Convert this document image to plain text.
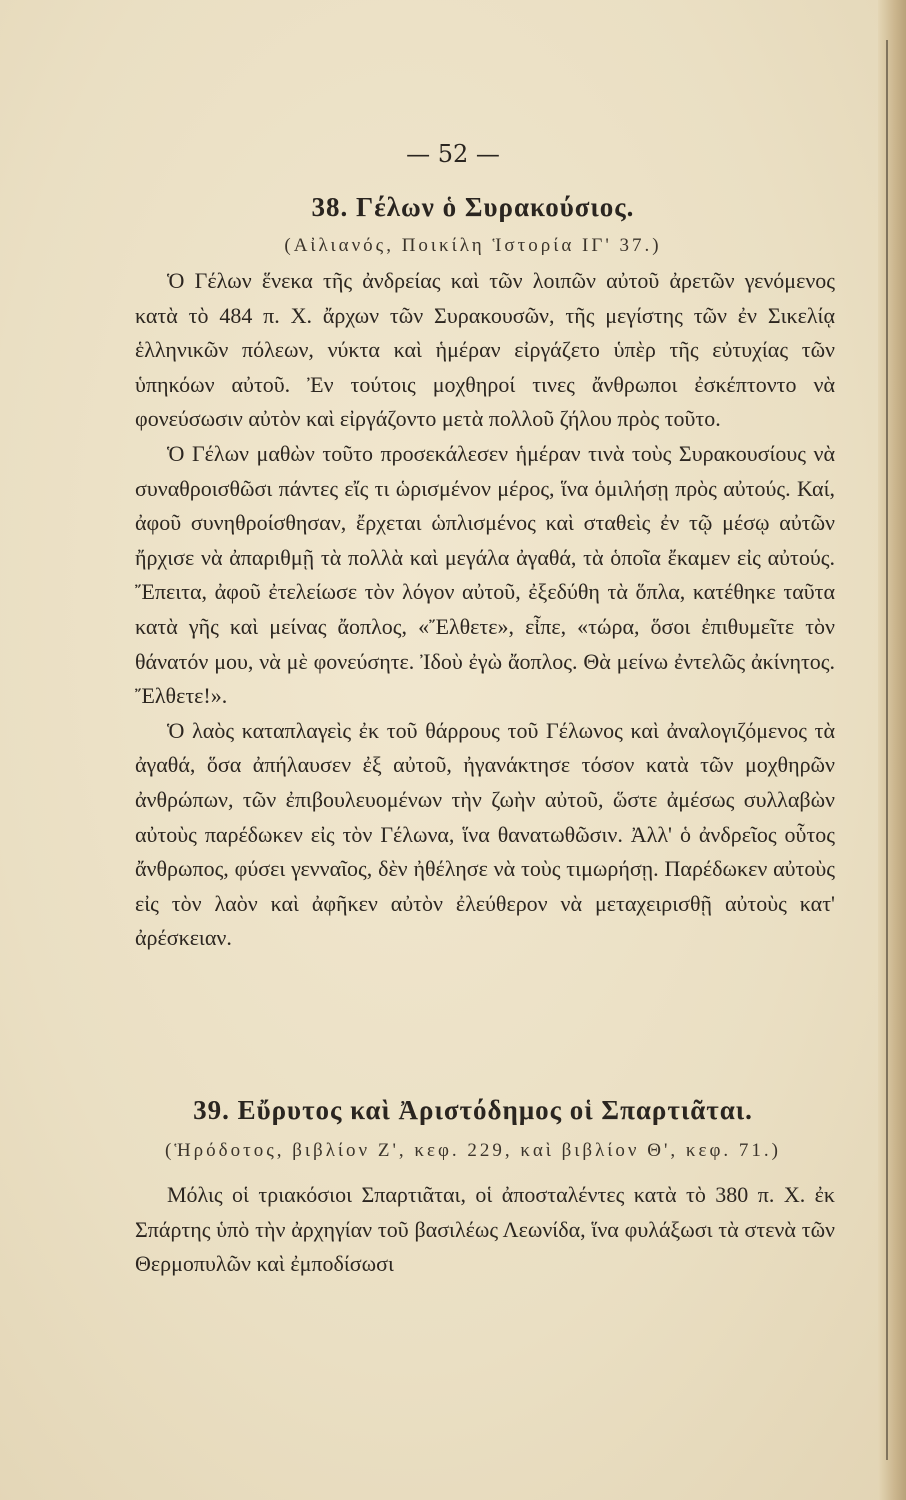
— 52 —
38. Γέλων ὁ Συρακούσιος.
(Αἰλιανός, Ποικίλη Ἱστορία ΙΓ' 37.)

Ὁ Γέλων ἕνεκα τῆς ἀνδρείας καὶ τῶν λοιπῶν αὐτοῦ ἀρετῶν γενόμενος κατὰ τὸ 484 π. Χ. ἄρχων τῶν Συρακουσῶν, τῆς μεγίστης τῶν ἐν Σικελίᾳ ἑλληνικῶν πόλεων, νύκτα καὶ ἡμέραν εἰργάζετο ὑπὲρ τῆς εὐτυχίας τῶν ὑπηκόων αὐτοῦ. Ἐν τούτοις μοχθηροί τινες ἄνθρωποι ἐσκέπτοντο νὰ φονεύσωσιν αὐτὸν καὶ εἰργάζοντο μετὰ πολλοῦ ζήλου πρὸς τοῦτο.

Ὁ Γέλων μαθὼν τοῦτο προσεκάλεσεν ἡμέραν τινὰ τοὺς Συρακουσίους νὰ συναθροισθῶσι πάντες εἴς τι ὡρισμένον μέρος, ἵνα ὁμιλήσῃ πρὸς αὐτούς. Καί, ἀφοῦ συνηθροίσθησαν, ἔρχεται ὡπλισμένος καὶ σταθεὶς ἐν τῷ μέσῳ αὐτῶν ἤρχισε νὰ ἀπαριθμῇ τὰ πολλὰ καὶ μεγάλα ἀγαθά, τὰ ὁποῖα ἔκαμεν εἰς αὐτούς. Ἔπειτα, ἀφοῦ ἐτελείωσε τὸν λόγον αὐτοῦ, ἐξεδύθη τὰ ὅπλα, κατέθηκε ταῦτα κατὰ γῆς καὶ μείνας ἄοπλος, «Ἔλθετε», εἶπε, «τώρα, ὅσοι ἐπιθυμεῖτε τὸν θάνατόν μου, νὰ μὲ φονεύσητε. Ἰδοὺ ἐγὼ ἄοπλος. Θὰ μείνω ἐντελῶς ἀκίνητος. Ἔλθετε!».

Ὁ λαὸς καταπλαγεὶς ἐκ τοῦ θάρρους τοῦ Γέλωνος καὶ ἀναλογιζόμενος τὰ ἀγαθά, ὅσα ἀπήλαυσεν ἐξ αὐτοῦ, ἠγανάκτησε τόσον κατὰ τῶν μοχθηρῶν ἀνθρώπων, τῶν ἐπιβουλευομένων τὴν ζωὴν αὐτοῦ, ὥστε ἀμέσως συλλαβὼν αὐτοὺς παρέδωκεν εἰς τὸν Γέλωνα, ἵνα θανατωθῶσιν. Ἀλλ' ὁ ἀνδρεῖος οὗτος ἄνθρωπος, φύσει γενναῖος, δὲν ἠθέλησε νὰ τοὺς τιμωρήσῃ. Παρέδωκεν αὐτοὺς εἰς τὸν λαὸν καὶ ἀφῆκεν αὐτὸν ἐλεύθερον νὰ μεταχειρισθῇ αὐτοὺς κατ' ἀρέσκειαν.

39. Εὔρυτος καὶ Ἀριστόδημος οἱ Σπαρτιᾶται.
(Ἡρόδοτος, βιβλίον Ζ', κεφ. 229, καὶ βιβλίον Θ', κεφ. 71.)

Μόλις οἱ τριακόσιοι Σπαρτιᾶται, οἱ ἀποσταλέντες κατὰ τὸ 380 π. Χ. ἐκ Σπάρτης ὑπὸ τὴν ἀρχηγίαν τοῦ βασιλέως Λεωνίδα, ἵνα φυλάξωσι τὰ στενὰ τῶν Θερμοπυλῶν καὶ ἐμποδίσωσι
